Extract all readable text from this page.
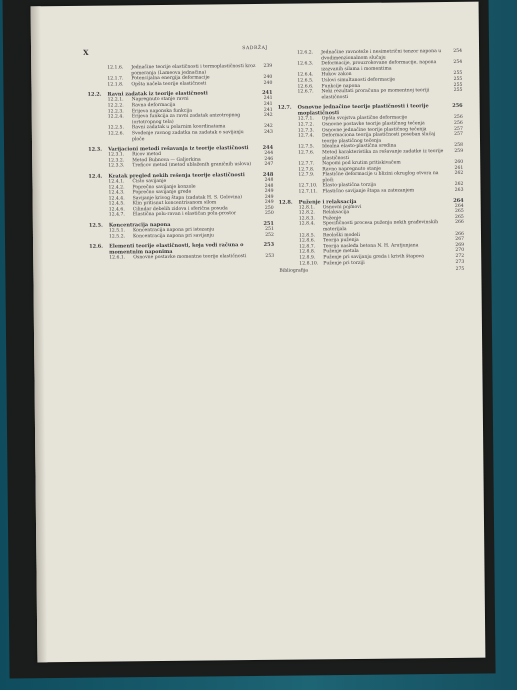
X	SADRŽAJ
12.1.6.	Jednačine teorije elastičnosti i termoplastičnosti kroz pomeranja (Lameova jednačina)
239
12.1.7.	Potencijalna energija deformacije	240
12.1.8.	Opšta načela teorije elastičnosti	240
12.2.	Ravni zadatak iz teorije elastičnosti	241
12.2.1.	Napregnuto stanje ravni	241
12.2.2.	Ravna deformacija	241
12.2.3.	Erijeva naponska funkcija	241
12.2.4.	Erijeva funkcija za ravni zadatak anizotropnog (ortotropnog tela)
242
12.2.5.	Ravni zadatak u polarnim koordinatama	242
12.2.6.	Svođenje ravnog zadatka na zadatak o savijanju ploče
243
12.3.	Varijacioni metodi rešavanja iz teorije elastičnosti	244
12.3.1.	Ricov metod	244
12.3.2.	Metod Bubnova — Galjorkina	246
12.3.3.	Treficov metod (metod ublaženih graničnih uslova)	247
12.4.	Kratak pregled nekih rešenja teorije elastičnosti	248
12.4.1.	Čisto savijanje	248
12.4.2.	Poprečno savijanje konzole	248
12.4.3.	Poprečno savijanje grede	249
12.4.4.	Savijanje krivog štapa (zadatak H. S. Golovina)	249
12.4.5.	Klin pritisnut koncentrisanom silom	249
12.4.6.	Cilindar debelih zidova i sferična posuda	250
12.4.7.	Elastična polu-ravan i elastičan polu-prostor	250
12.5.	Koncentracija napona	251
12.5.1.	Koncentracija napona pri istezanju	251
12.5.2.	Koncentracija napona pri savijanju	252
12.6.	Elementi teorije elastičnosti, koja vodi računa o momentnim naponima
253
12.6.1.	Osnovne postavke momentne teorije elastičnosti	253
12.6.2.	Jednačine ravnoteže i nesimetrični tenzor napona u dvodimenzionalnom slučaju
254
12.6.3.	Deformacije, prouzrokovane deformacije, napona izazvanih silama i momentima
254
12.6.4.	Hukov zakon	255
12.6.5.	Uslovi simultanosti deformacije	255
12.6.6.	Funkcije napona	255
12.6.7.	Neki rezultati proračuna po momentnoj teoriji elastičnosti
255
12.7.	Osnovne jednačine teorije plastičnosti i teorije moplastičnosti
256
12.7.1.	Opšta svojstva plastične deformacije	256
12.7.2.	Osnovne postavke teorije plastičnog tečenja	256
12.7.3.	Osnovne jednačine teorije plastičnog tečenja	257
12.7.4.	Deformaciona teorija plastičnosti poseban slučaj teorije plastičnog tečenja
257
12.7.5.	Idealna elasto-plastična sredina	258
12.7.6.	Metod karakteristika za rešavanje zadatke iz teorije plastičnosti
259
12.7.7.	Napomi pod krutim pritiskivačem	260
12.7.8.	Ravno napregnuto stanje	261
12.7.9.	Plastične deformacije u blizini okruglog otvora na ploči
262
12.7.10.	Elasto-plastična torzija	262
12.7.11.	Plastično savijanje štapa sa zatezanjem	263
12.8.	Puženje i relaksacija	264
12.8.1.	Osnovni pojmovi	264
12.8.2.	Relaksacija	265
12.8.3.	Puženje	265
12.8.4.	Specifičnosti procesa puženja nekih građevinskih materijala
266
12.8.5.	Reološki modeli	266
12.8.6.	Teorija puženja	267
12.8.7.	Teorija nasleđa betona N. H. Arutjunjana	269
12.8.8.	Puženje metala	270
12.8.9.	Puženje pri savijanju greda i krivih štapova	272
12.8.10.	Puženje pri torziji	273
Bibliografija	275
